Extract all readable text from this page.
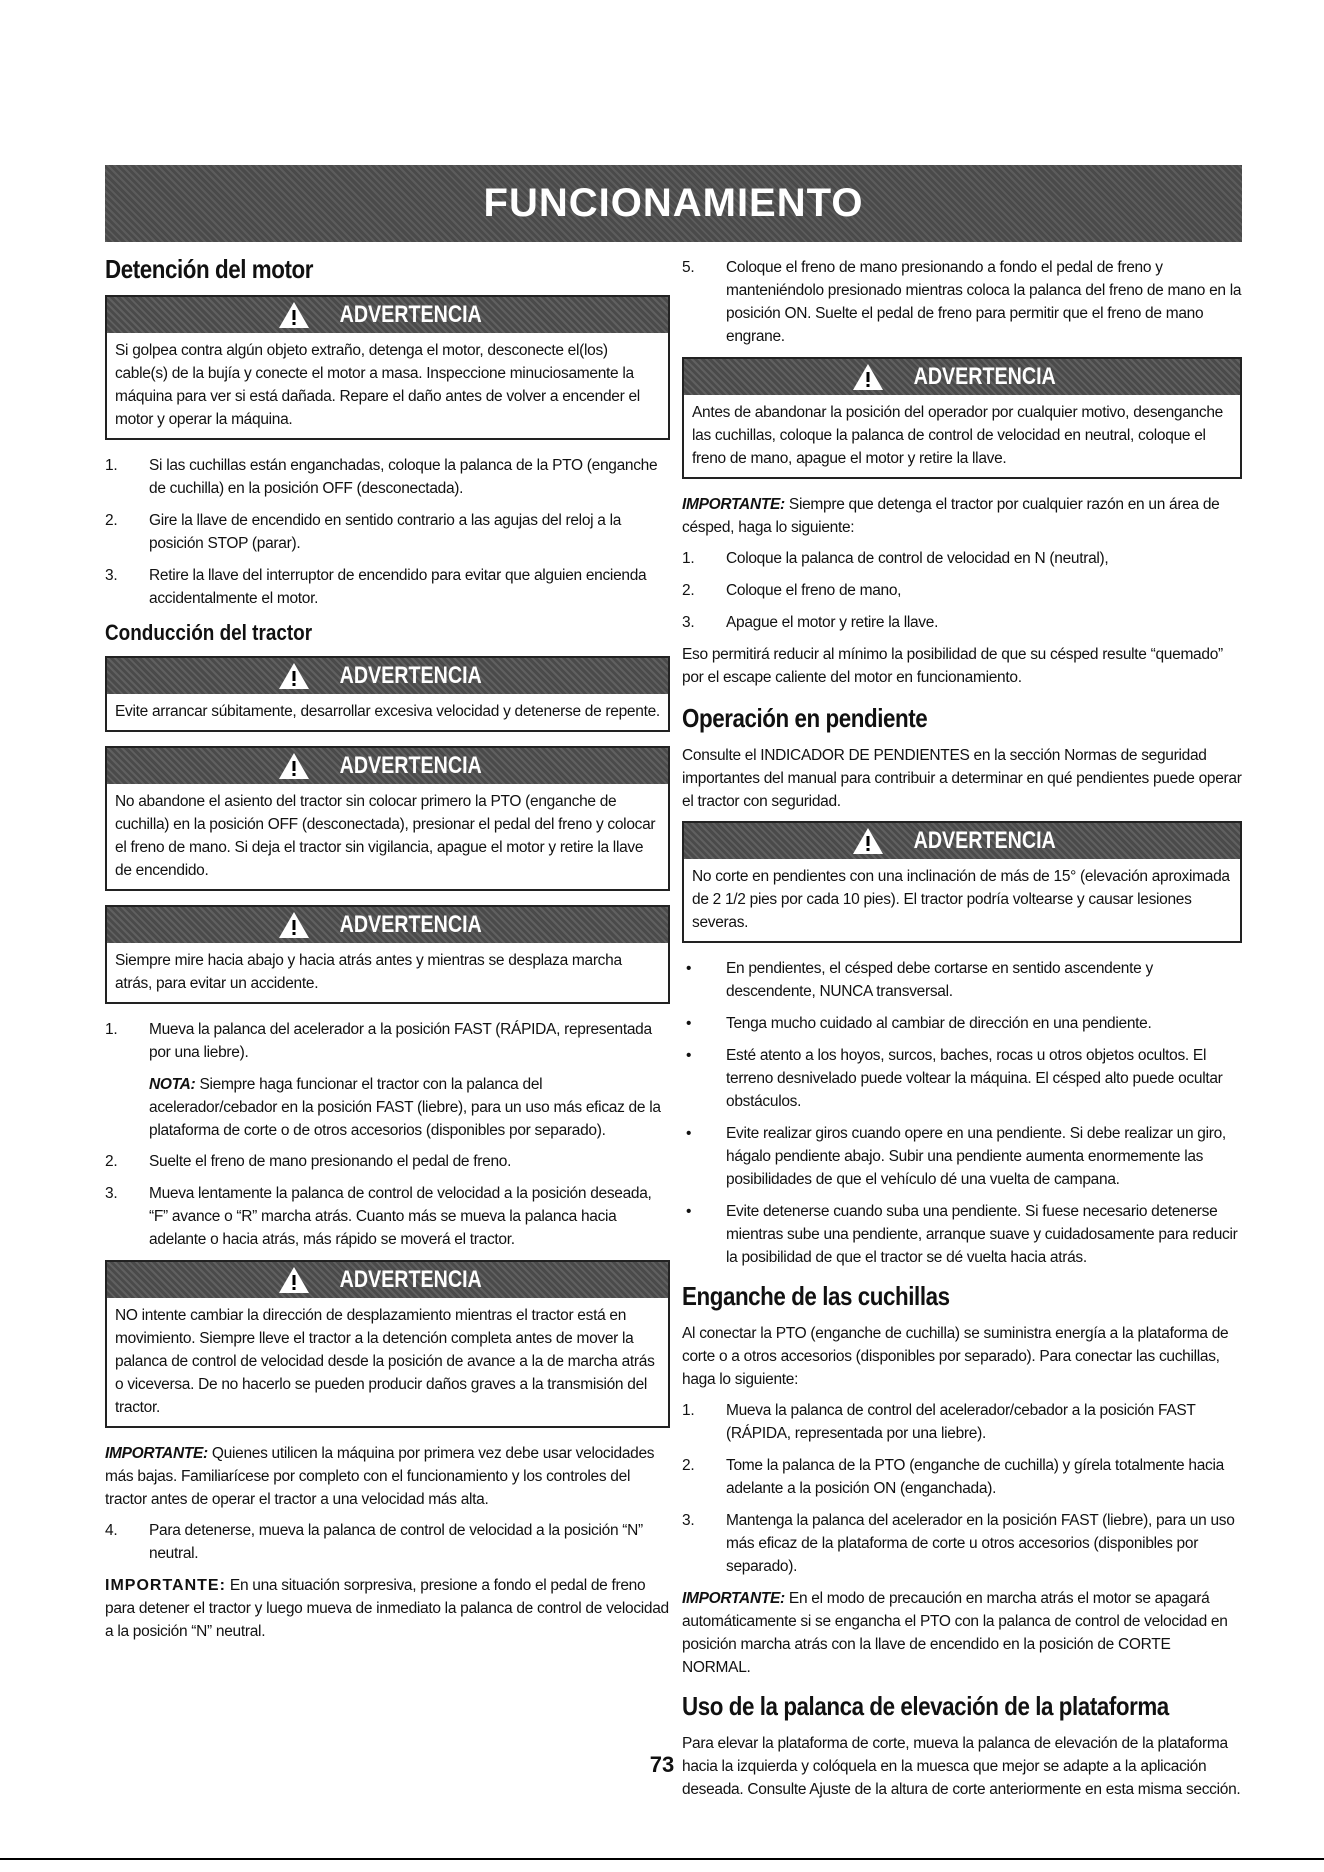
FUNCIONAMIENTO
Detención del motor
ADVERTENCIA
Si golpea contra algún objeto extraño, detenga el motor, desconecte el(los) cable(s) de la bujía y conecte el motor a masa. Inspeccione minuciosamente la máquina para ver si está dañada. Repare el daño antes de volver a encender el motor y operar la máquina.
1.	Si las cuchillas están enganchadas, coloque la palanca de la PTO (enganche de cuchilla) en la posición OFF (desconectada).
2.	Gire la llave de encendido en sentido contrario a las agujas del reloj a la posición STOP (parar).
3.	Retire la llave del interruptor de encendido para evitar que alguien encienda accidentalmente el motor.
Conducción del tractor
ADVERTENCIA
Evite arrancar súbitamente, desarrollar excesiva velocidad y detenerse de repente.
ADVERTENCIA
No abandone el asiento del tractor sin colocar primero la PTO (enganche de cuchilla) en la posición OFF (desconectada), presionar el pedal del freno y colocar el freno de mano. Si deja el tractor sin vigilancia, apague el motor y retire la llave de encendido.
ADVERTENCIA
Siempre mire hacia abajo y hacia atrás antes y mientras se desplaza marcha atrás, para evitar un accidente.
1.	Mueva la palanca del acelerador a la posición FAST (RÁPIDA, representada por una liebre).
NOTA: Siempre haga funcionar el tractor con la palanca del acelerador/cebador en la posición FAST (liebre), para un uso más eficaz de la plataforma de corte o de otros accesorios (disponibles por separado).
2.	Suelte el freno de mano presionando el pedal de freno.
3.	Mueva lentamente la palanca de control de velocidad a la posición deseada, “F” avance o “R” marcha atrás. Cuanto más se mueva la palanca hacia adelante o hacia atrás, más rápido se moverá el tractor.
ADVERTENCIA
NO intente cambiar la dirección de desplazamiento mientras el tractor está en movimiento. Siempre lleve el tractor a la detención completa antes de mover la palanca de control de velocidad desde la posición de avance a la de marcha atrás o viceversa. De no hacerlo se pueden producir daños graves a la transmisión del tractor.

IMPORTANTE: Quienes utilicen la máquina por primera vez debe usar velocidades más bajas. Familiarícese por completo con el funcionamiento y los controles del tractor antes de operar el tractor a una velocidad más alta.

4.	Para detenerse, mueva la palanca de control de velocidad a la posición “N” neutral.

IMPORTANTE: En una situación sorpresiva, presione a fondo el pedal de freno para detener el tractor y luego mueva de inmediato la palanca de control de velocidad a la posición “N” neutral.

5.	Coloque el freno de mano presionando a fondo el pedal de freno y manteniéndolo presionado mientras coloca la palanca del freno de mano en la posición ON. Suelte el pedal de freno para permitir que el freno de mano engrane.
ADVERTENCIA
Antes de abandonar la posición del operador por cualquier motivo, desenganche las cuchillas, coloque la palanca de control de velocidad en neutral, coloque el freno de mano, apague el motor y retire la llave.

IMPORTANTE: Siempre que detenga el tractor por cualquier razón en un área de césped, haga lo siguiente:

1.	Coloque la palanca de control de velocidad en N (neutral),
2.	Coloque el freno de mano,
3.	Apague el motor y retire la llave.

Eso permitirá reducir al mínimo la posibilidad de que su césped resulte “quemado” por el escape caliente del motor en funcionamiento.

Operación en pendiente

Consulte el INDICADOR DE PENDIENTES en la sección Normas de seguridad importantes del manual para contribuir a determinar en qué pendientes puede operar el tractor con seguridad.

ADVERTENCIA
No corte en pendientes con una inclinación de más de 15° (elevación aproximada de 2 1/2 pies por cada 10 pies). El tractor podría voltearse y causar lesiones severas.
•	En pendientes, el césped debe cortarse en sentido ascendente y descendente, NUNCA transversal.
•	Tenga mucho cuidado al cambiar de dirección en una pendiente.
•	Esté atento a los hoyos, surcos, baches, rocas u otros objetos ocultos. El terreno desnivelado puede voltear la máquina. El césped alto puede ocultar obstáculos.
•	Evite realizar giros cuando opere en una pendiente. Si debe realizar un giro, hágalo pendiente abajo. Subir una pendiente aumenta enormemente las posibilidades de que el vehículo dé una vuelta de campana.
•	Evite detenerse cuando suba una pendiente. Si fuese necesario detenerse mientras sube una pendiente, arranque suave y cuidadosamente para reducir la posibilidad de que el tractor se dé vuelta hacia atrás.
Enganche de las cuchillas

Al conectar la PTO (enganche de cuchilla) se suministra energía a la plataforma de corte o a otros accesorios (disponibles por separado). Para conectar las cuchillas, haga lo siguiente:

1.	Mueva la palanca de control del acelerador/cebador a la posición FAST (RÁPIDA, representada por una liebre).
2.	Tome la palanca de la PTO (enganche de cuchilla) y gírela totalmente hacia adelante a la posición ON (enganchada).
3.	Mantenga la palanca del acelerador en la posición FAST (liebre), para un uso más eficaz de la plataforma de corte u otros accesorios (disponibles por separado).

IMPORTANTE: En el modo de precaución en marcha atrás el motor se apagará automáticamente si se engancha el PTO con la palanca de control de velocidad en posición marcha atrás con la llave de encendido en la posición de CORTE NORMAL.

Uso de la palanca de elevación de la plataforma

Para elevar la plataforma de corte, mueva la palanca de elevación de la plataforma hacia la izquierda y colóquela en la muesca que mejor se adapte a la aplicación deseada. Consulte Ajuste de la altura de corte anteriormente en esta misma sección.

73
